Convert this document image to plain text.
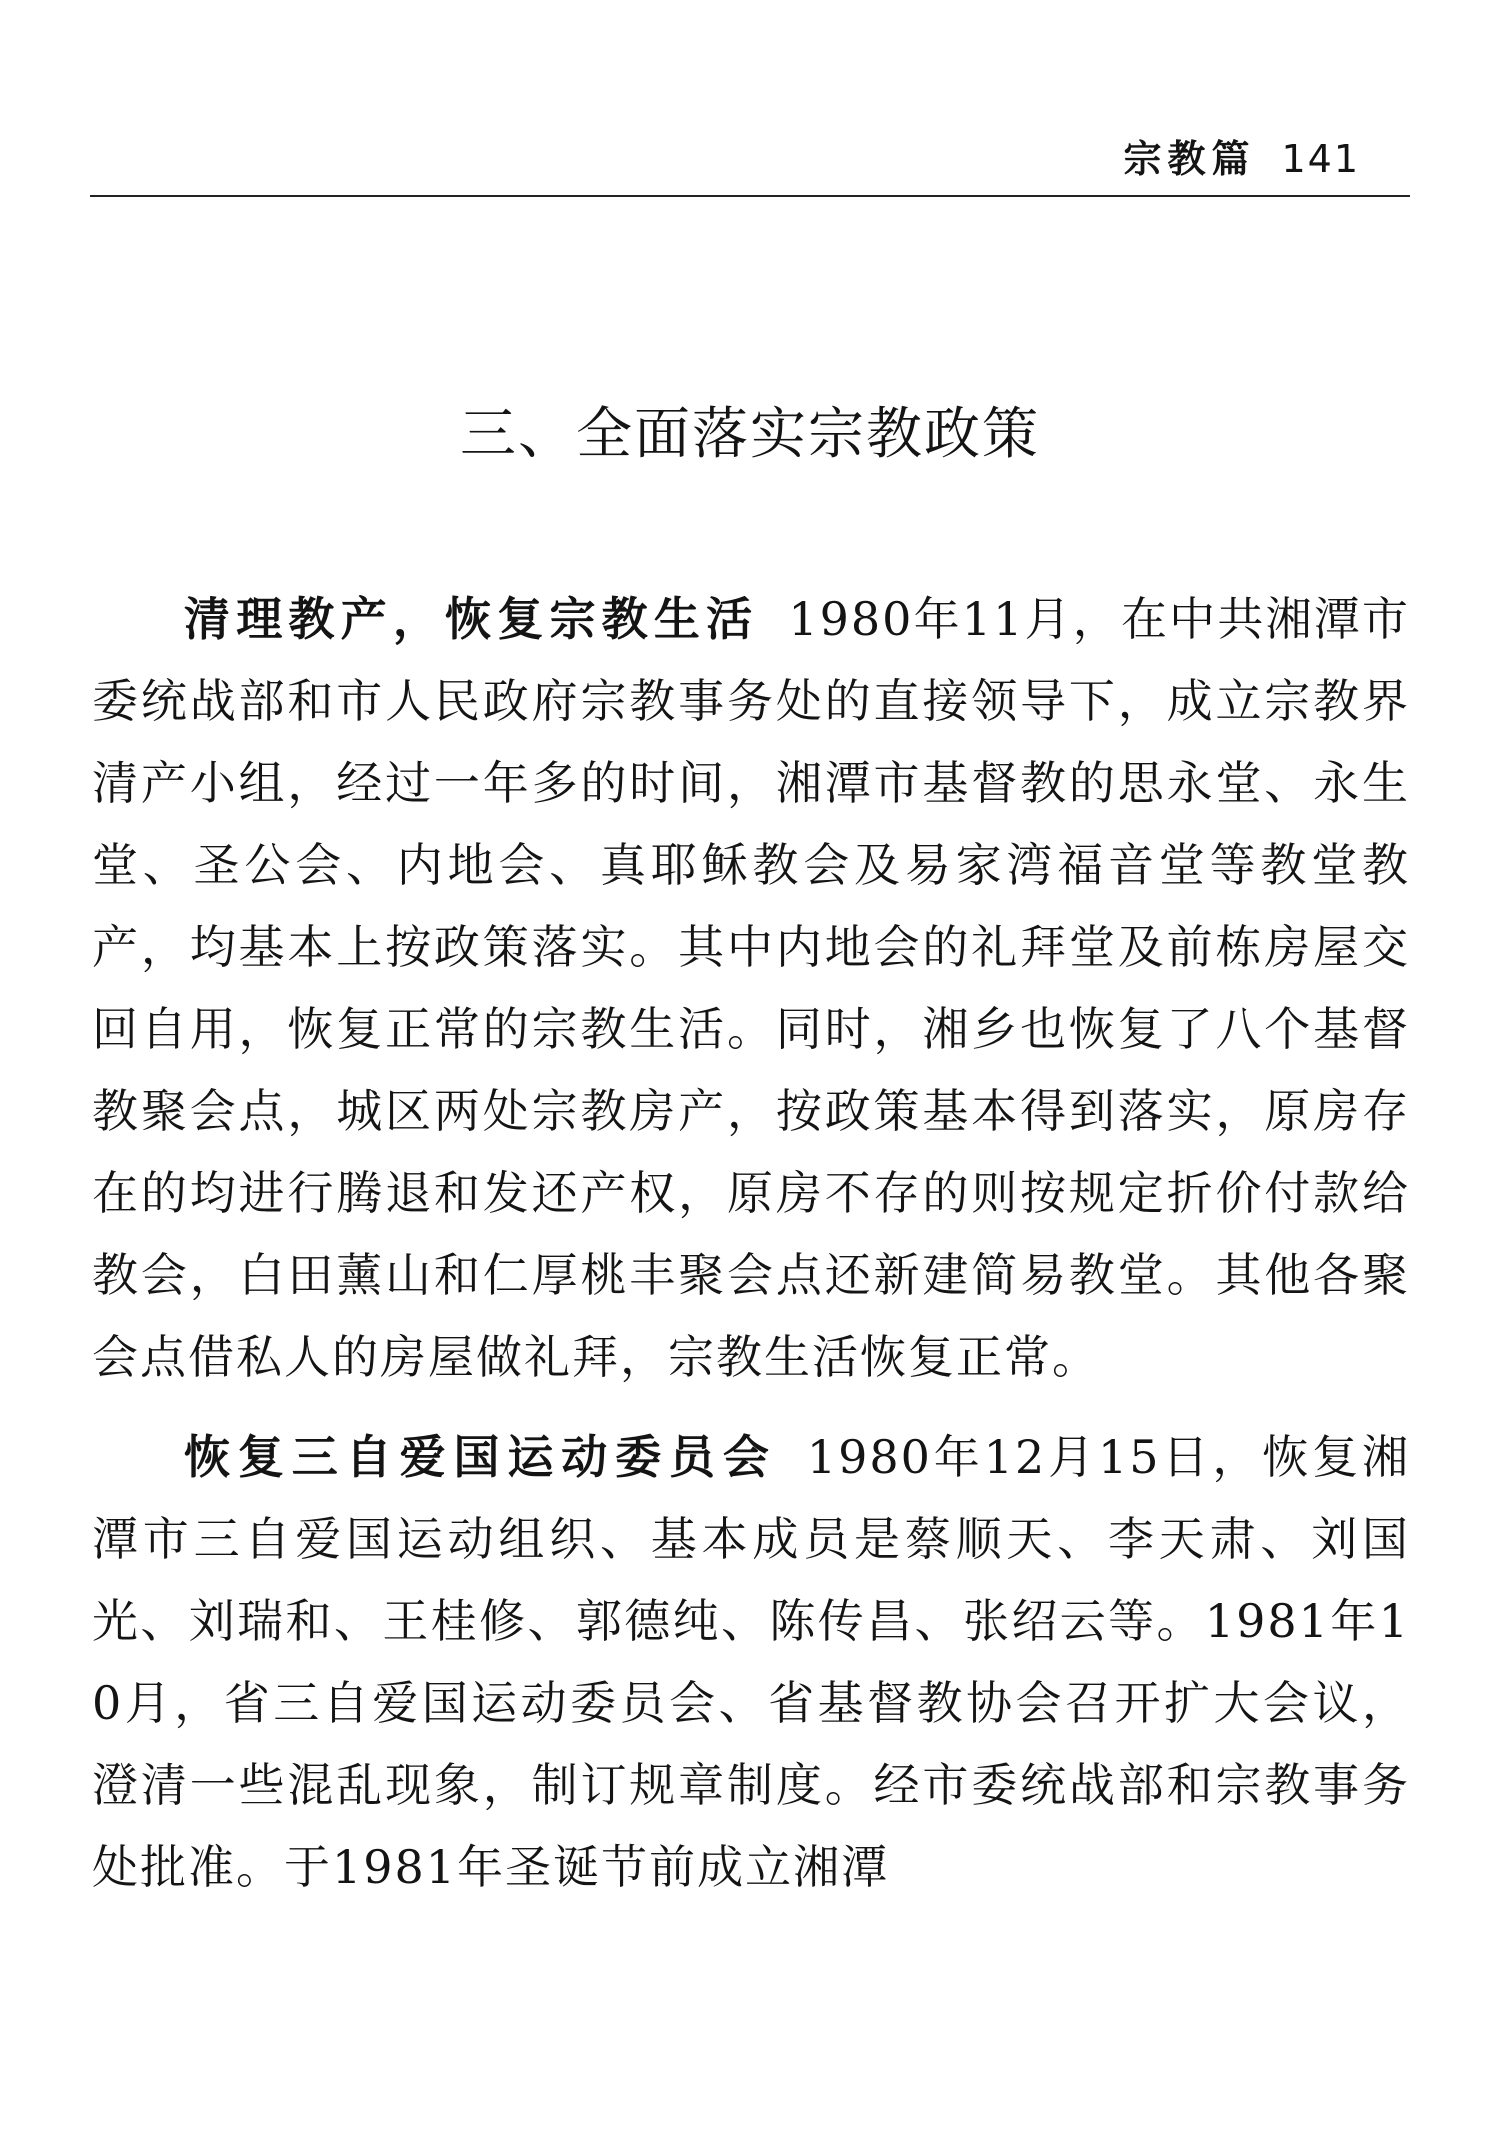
宗教篇 141
三、全面落实宗教政策

清理教产，恢复宗教生活 1980年11月，在中共湘潭市委统战部和市人民政府宗教事务处的直接领导下，成立宗教界清产小组，经过一年多的时间，湘潭市基督教的思永堂、永生堂、圣公会、内地会、真耶稣教会及易家湾福音堂等教堂教产，均基本上按政策落实。其中内地会的礼拜堂及前栋房屋交回自用，恢复正常的宗教生活。同时，湘乡也恢复了八个基督教聚会点，城区两处宗教房产，按政策基本得到落实，原房存在的均进行腾退和发还产权，原房不存的则按规定折价付款给教会，白田薰山和仁厚桃丰聚会点还新建简易教堂。其他各聚会点借私人的房屋做礼拜，宗教生活恢复正常。

恢复三自爱国运动委员会 1980年12月15日，恢复湘潭市三自爱国运动组织、基本成员是蔡顺天、李天肃、刘国光、刘瑞和、王桂修、郭德纯、陈传昌、张绍云等。1981年10月，省三自爱国运动委员会、省基督教协会召开扩大会议，澄清一些混乱现象，制订规章制度。经市委统战部和宗教事务处批准。于1981年圣诞节前成立湘潭
